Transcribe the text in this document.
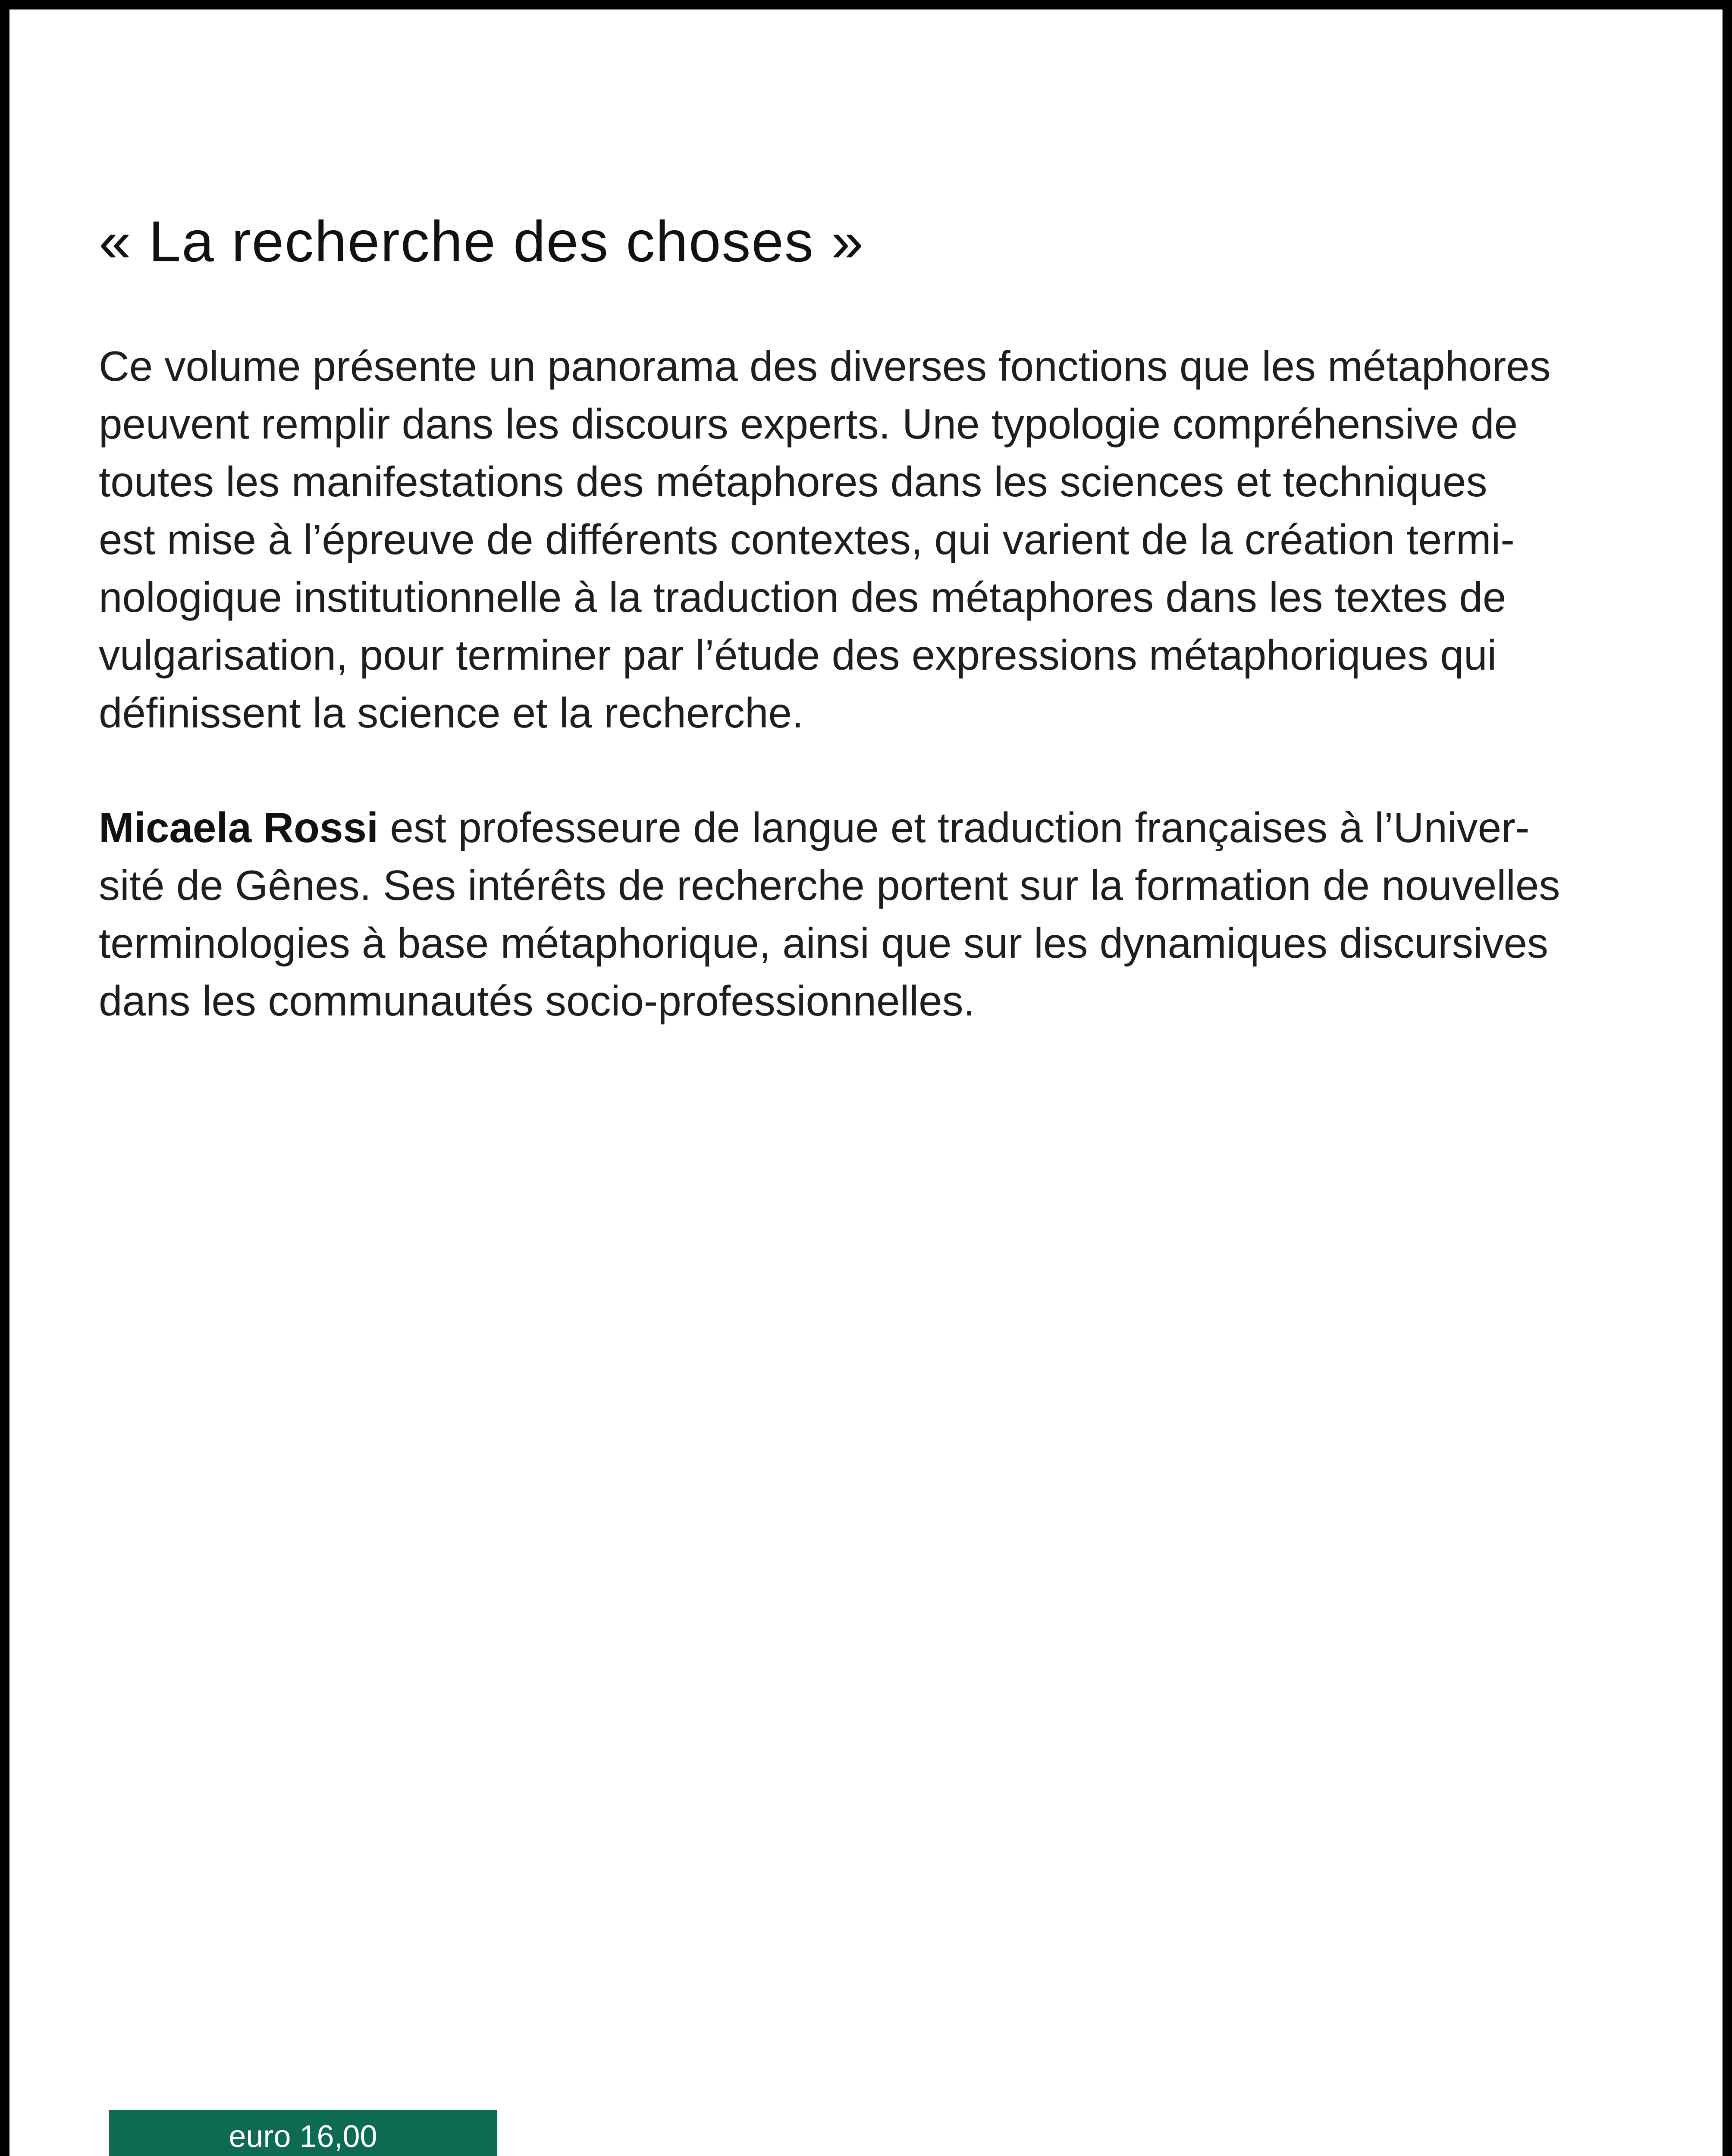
« La recherche des choses »

Ce volume présente un panorama des diverses fonctions que les métaphores
peuvent remplir dans les discours experts. Une typologie compréhensive de
toutes les manifestations des métaphores dans les sciences et techniques
est mise à l’épreuve de différents contextes, qui varient de la création termi-
nologique institutionnelle à la traduction des métaphores dans les textes de
vulgarisation, pour terminer par l’étude des expressions métaphoriques qui
définissent la science et la recherche.

Micaela Rossi est professeure de langue et traduction françaises à l’Univer-
sité de Gênes. Ses intérêts de recherche portent sur la formation de nouvelles
terminologies à base métaphorique, ainsi que sur les dynamiques discursives
dans les communautés socio-professionnelles.

euro 16,00
